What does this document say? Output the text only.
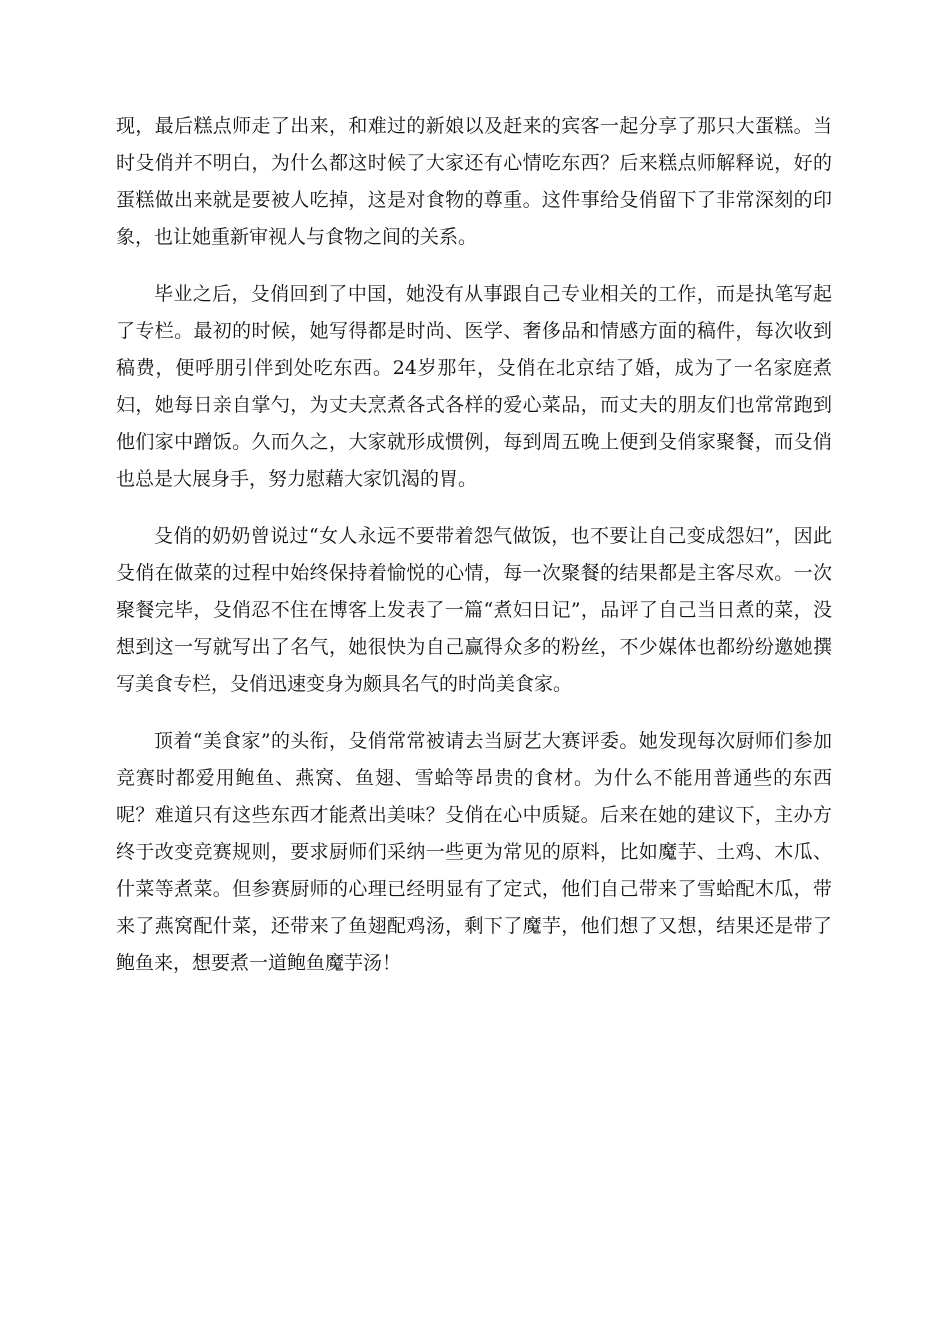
现，最后糕点师走了出来，和难过的新娘以及赶来的宾客一起分享了那只大蛋糕。当时殳俏并不明白，为什么都这时候了大家还有心情吃东西？后来糕点师解释说，好的蛋糕做出来就是要被人吃掉，这是对食物的尊重。这件事给殳俏留下了非常深刻的印象，也让她重新审视人与食物之间的关系。

毕业之后，殳俏回到了中国，她没有从事跟自己专业相关的工作，而是执笔写起了专栏。最初的时候，她写得都是时尚、医学、奢侈品和情感方面的稿件，每次收到稿费，便呼朋引伴到处吃东西。24岁那年，殳俏在北京结了婚，成为了一名家庭煮妇，她每日亲自掌勺，为丈夫烹煮各式各样的爱心菜品，而丈夫的朋友们也常常跑到他们家中蹭饭。久而久之，大家就形成惯例，每到周五晚上便到殳俏家聚餐，而殳俏也总是大展身手，努力慰藉大家饥渴的胃。

殳俏的奶奶曾说过“女人永远不要带着怨气做饭，也不要让自己变成怨妇”，因此殳俏在做菜的过程中始终保持着愉悦的心情，每一次聚餐的结果都是主客尽欢。一次聚餐完毕，殳俏忍不住在博客上发表了一篇“煮妇日记”，品评了自己当日煮的菜，没想到这一写就写出了名气，她很快为自己赢得众多的粉丝，不少媒体也都纷纷邀她撰写美食专栏，殳俏迅速变身为颇具名气的时尚美食家。

顶着“美食家”的头衔，殳俏常常被请去当厨艺大赛评委。她发现每次厨师们参加竞赛时都爱用鲍鱼、燕窝、鱼翅、雪蛤等昂贵的食材。为什么不能用普通些的东西呢？难道只有这些东西才能煮出美味？殳俏在心中质疑。后来在她的建议下，主办方终于改变竞赛规则，要求厨师们采纳一些更为常见的原料，比如魔芋、土鸡、木瓜、什菜等煮菜。但参赛厨师的心理已经明显有了定式，他们自己带来了雪蛤配木瓜，带来了燕窝配什菜，还带来了鱼翅配鸡汤，剩下了魔芋，他们想了又想，结果还是带了鲍鱼来，想要煮一道鲍鱼魔芋汤！
